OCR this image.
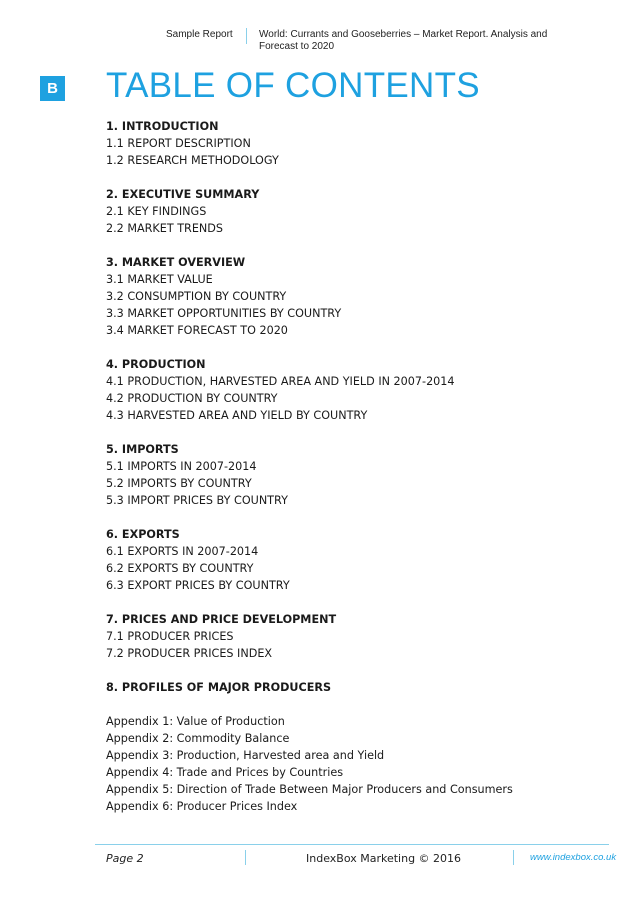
Sample Report	World: Currants and Gooseberries – Market Report. Analysis and Forecast to 2020
B TABLE OF CONTENTS
1. INTRODUCTION
1.1 REPORT DESCRIPTION
1.2 RESEARCH METHODOLOGY
2. EXECUTIVE SUMMARY
2.1 KEY FINDINGS
2.2 MARKET TRENDS
3. MARKET OVERVIEW
3.1 MARKET VALUE
3.2 CONSUMPTION BY COUNTRY
3.3 MARKET OPPORTUNITIES BY COUNTRY
3.4 MARKET FORECAST TO 2020
4. PRODUCTION
4.1 PRODUCTION, HARVESTED AREA AND YIELD IN 2007-2014
4.2 PRODUCTION BY COUNTRY
4.3 HARVESTED AREA AND YIELD BY COUNTRY
5. IMPORTS
5.1 IMPORTS IN 2007-2014
5.2 IMPORTS BY COUNTRY
5.3 IMPORT PRICES BY COUNTRY
6. EXPORTS
6.1 EXPORTS IN 2007-2014
6.2 EXPORTS BY COUNTRY
6.3 EXPORT PRICES BY COUNTRY
7. PRICES AND PRICE DEVELOPMENT
7.1 PRODUCER PRICES
7.2 PRODUCER PRICES INDEX
8. PROFILES OF MAJOR PRODUCERS
Appendix 1: Value of Production
Appendix 2: Commodity Balance
Appendix 3: Production, Harvested area and Yield
Appendix 4: Trade and Prices by Countries
Appendix 5: Direction of Trade Between Major Producers and Consumers
Appendix 6: Producer Prices Index
Page 2	IndexBox Marketing © 2016	www.indexbox.co.uk
